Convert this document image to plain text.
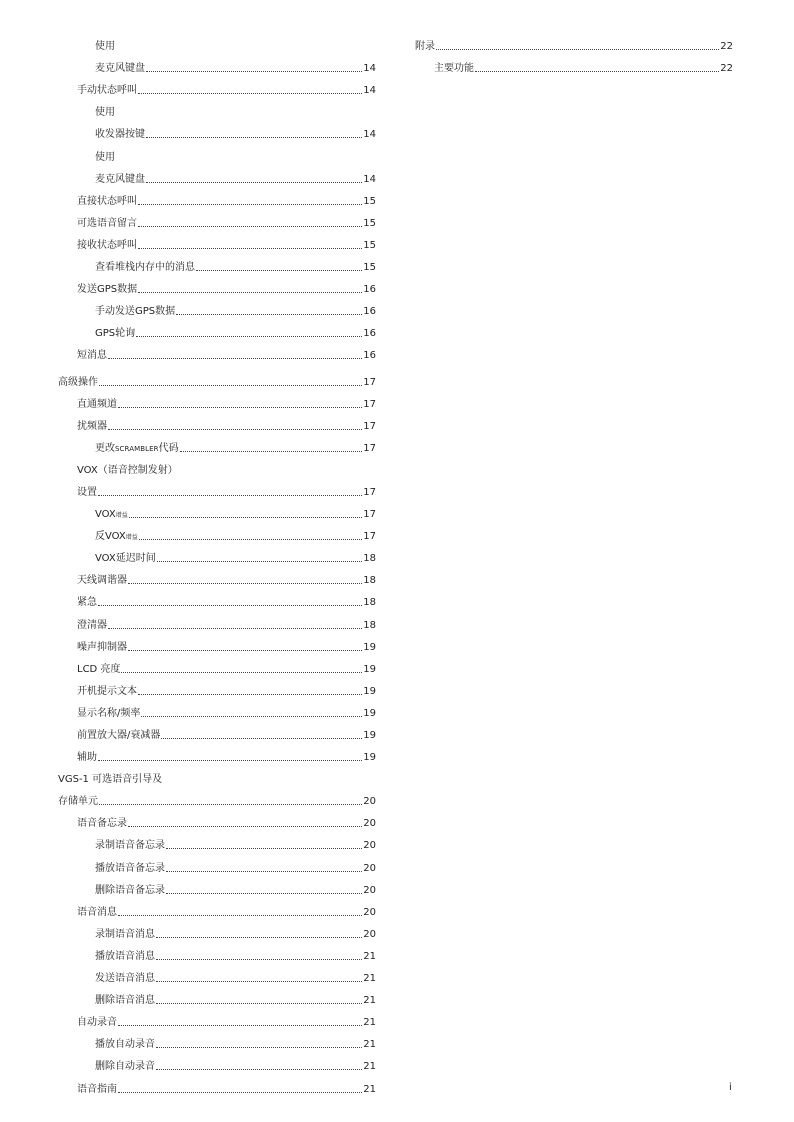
使用
麦克风键盘	14
手动状态呼叫	14
使用
收发器按键	14
使用
麦克风键盘	14
直接状态呼叫	15
可选语音留言	15
接收状态呼叫	15
查看堆栈内存中的消息	15
发送GPS数据	16
手动发送GPS数据	16
GPS轮询	16
短消息	16
高级操作	17
直通频道	17
扰频器	17
更改SCRAMBLER代码	17
VOX（语音控制发射）
设置	17
VOX增益	17
反VOX增益	17
VOX延迟时间	18
天线调谐器	18
紧急	18
澄清器	18
噪声抑制器	19
LCD 亮度	19
开机提示文本	19
显示名称/频率	19
前置放大器/衰减器	19
辅助	19
VGS-1 可选语音引导及
存储单元	20
语音备忘录	20
录制语音备忘录	20
播放语音备忘录	20
删除语音备忘录	20
语音消息	20
录制语音消息	20
播放语音消息	21
发送语音消息	21
删除语音消息	21
自动录音	21
播放自动录音	21
删除自动录音	21
语音指南	21
附录	22
主要功能	22
i
